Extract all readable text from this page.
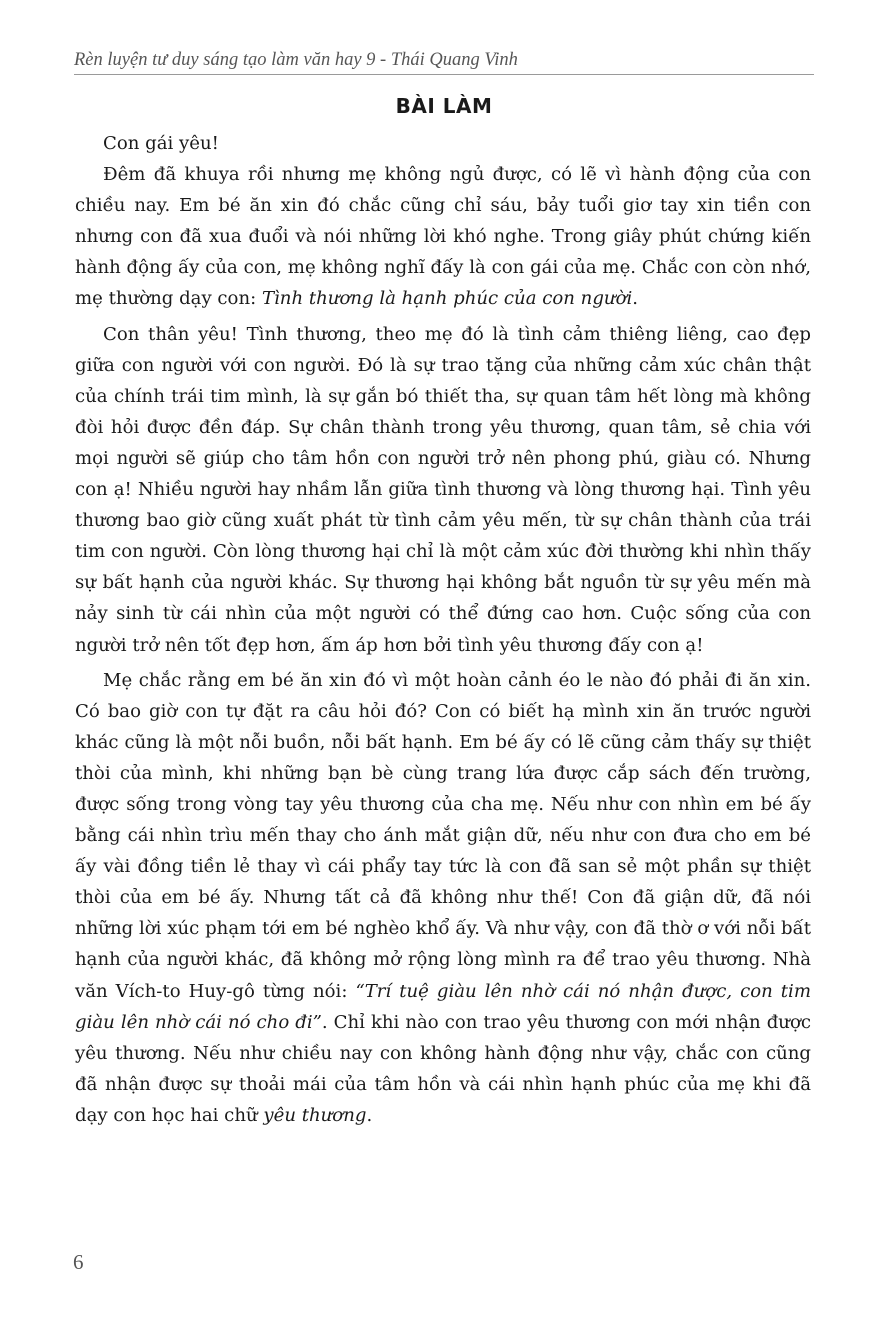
Rèn luyện tư duy sáng tạo làm văn hay 9 - Thái Quang Vinh
BÀI LÀM

Con gái yêu!

Đêm đã khuya rồi nhưng mẹ không ngủ được, có lẽ vì hành động của con chiều nay. Em bé ăn xin đó chắc cũng chỉ sáu, bảy tuổi giơ tay xin tiền con nhưng con đã xua đuổi và nói những lời khó nghe. Trong giây phút chứng kiến hành động ấy của con, mẹ không nghĩ đấy là con gái của mẹ. Chắc con còn nhớ, mẹ thường dạy con: Tình thương là hạnh phúc của con người.

Con thân yêu! Tình thương, theo mẹ đó là tình cảm thiêng liêng, cao đẹp giữa con người với con người. Đó là sự trao tặng của những cảm xúc chân thật của chính trái tim mình, là sự gắn bó thiết tha, sự quan tâm hết lòng mà không đòi hỏi được đền đáp. Sự chân thành trong yêu thương, quan tâm, sẻ chia với mọi người sẽ giúp cho tâm hồn con người trở nên phong phú, giàu có. Nhưng con ạ! Nhiều người hay nhầm lẫn giữa tình thương và lòng thương hại. Tình yêu thương bao giờ cũng xuất phát từ tình cảm yêu mến, từ sự chân thành của trái tim con người. Còn lòng thương hại chỉ là một cảm xúc đời thường khi nhìn thấy sự bất hạnh của người khác. Sự thương hại không bắt nguồn từ sự yêu mến mà nảy sinh từ cái nhìn của một người có thể đứng cao hơn. Cuộc sống của con người trở nên tốt đẹp hơn, ấm áp hơn bởi tình yêu thương đấy con ạ!

Mẹ chắc rằng em bé ăn xin đó vì một hoàn cảnh éo le nào đó phải đi ăn xin. Có bao giờ con tự đặt ra câu hỏi đó? Con có biết hạ mình xin ăn trước người khác cũng là một nỗi buồn, nỗi bất hạnh. Em bé ấy có lẽ cũng cảm thấy sự thiệt thòi của mình, khi những bạn bè cùng trang lứa được cắp sách đến trường, được sống trong vòng tay yêu thương của cha mẹ. Nếu như con nhìn em bé ấy bằng cái nhìn trìu mến thay cho ánh mắt giận dữ, nếu như con đưa cho em bé ấy vài đồng tiền lẻ thay vì cái phẩy tay tức là con đã san sẻ một phần sự thiệt thòi của em bé ấy. Nhưng tất cả đã không như thế! Con đã giận dữ, đã nói những lời xúc phạm tới em bé nghèo khổ ấy. Và như vậy, con đã thờ ơ với nỗi bất hạnh của người khác, đã không mở rộng lòng mình ra để trao yêu thương. Nhà văn Vích-to Huy-gô từng nói: “Trí tuệ giàu lên nhờ cái nó nhận được, con tim giàu lên nhờ cái nó cho đi”. Chỉ khi nào con trao yêu thương con mới nhận được yêu thương. Nếu như chiều nay con không hành động như vậy, chắc con cũng đã nhận được sự thoải mái của tâm hồn và cái nhìn hạnh phúc của mẹ khi đã dạy con học hai chữ yêu thương.

6
